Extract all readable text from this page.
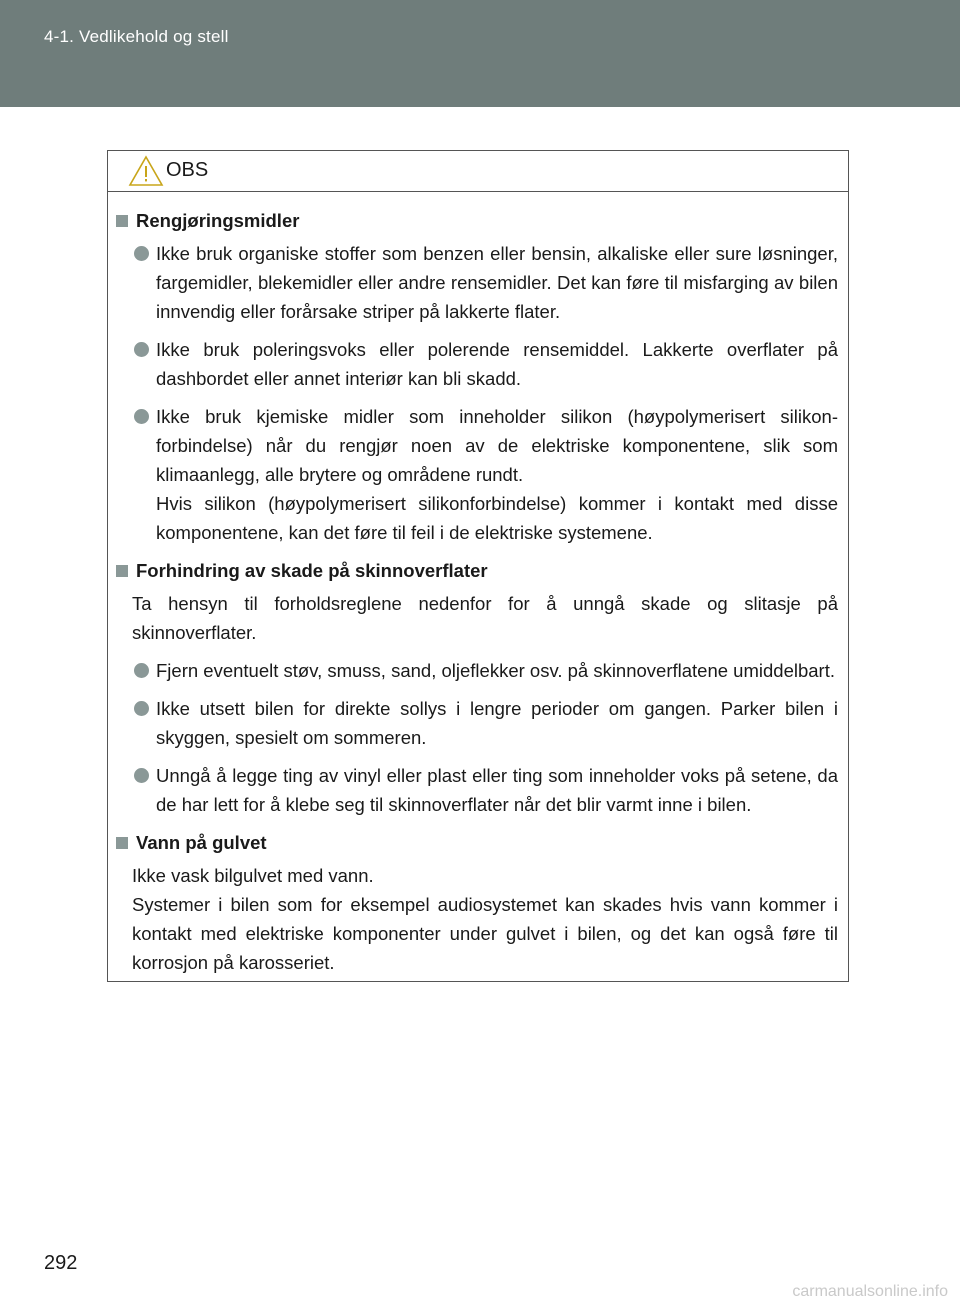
4-1. Vedlikehold og stell
OBS
Rengjøringsmidler
Ikke bruk organiske stoffer som benzen eller bensin, alkaliske eller sure løsninger, fargemidler, blekemidler eller andre rensemidler. Det kan føre til misfarging av bilen innvendig eller forårsake striper på lakkerte flater.
Ikke bruk poleringsvoks eller polerende rensemiddel. Lakkerte overflater på dashbordet eller annet interiør kan bli skadd.
Ikke bruk kjemiske midler som inneholder silikon (høypolymerisert silikon-forbindelse) når du rengjør noen av de elektriske komponentene, slik som klimaanlegg, alle brytere og områdene rundt.
Hvis silikon (høypolymerisert silikonforbindelse) kommer i kontakt med disse komponentene, kan det føre til feil i de elektriske systemene.
Forhindring av skade på skinnoverflater
Ta hensyn til forholdsreglene nedenfor for å unngå skade og slitasje på skinnoverflater.
Fjern eventuelt støv, smuss, sand, oljeflekker osv. på skinnoverflatene umiddelbart.
Ikke utsett bilen for direkte sollys i lengre perioder om gangen. Parker bilen i skyggen, spesielt om sommeren.
Unngå å legge ting av vinyl eller plast eller ting som inneholder voks på setene, da de har lett for å klebe seg til skinnoverflater når det blir varmt inne i bilen.
Vann på gulvet
Ikke vask bilgulvet med vann.
Systemer i bilen som for eksempel audiosystemet kan skades hvis vann kommer i kontakt med elektriske komponenter under gulvet i bilen, og det kan også føre til korrosjon på karosseriet.
292
carmanualsonline.info
